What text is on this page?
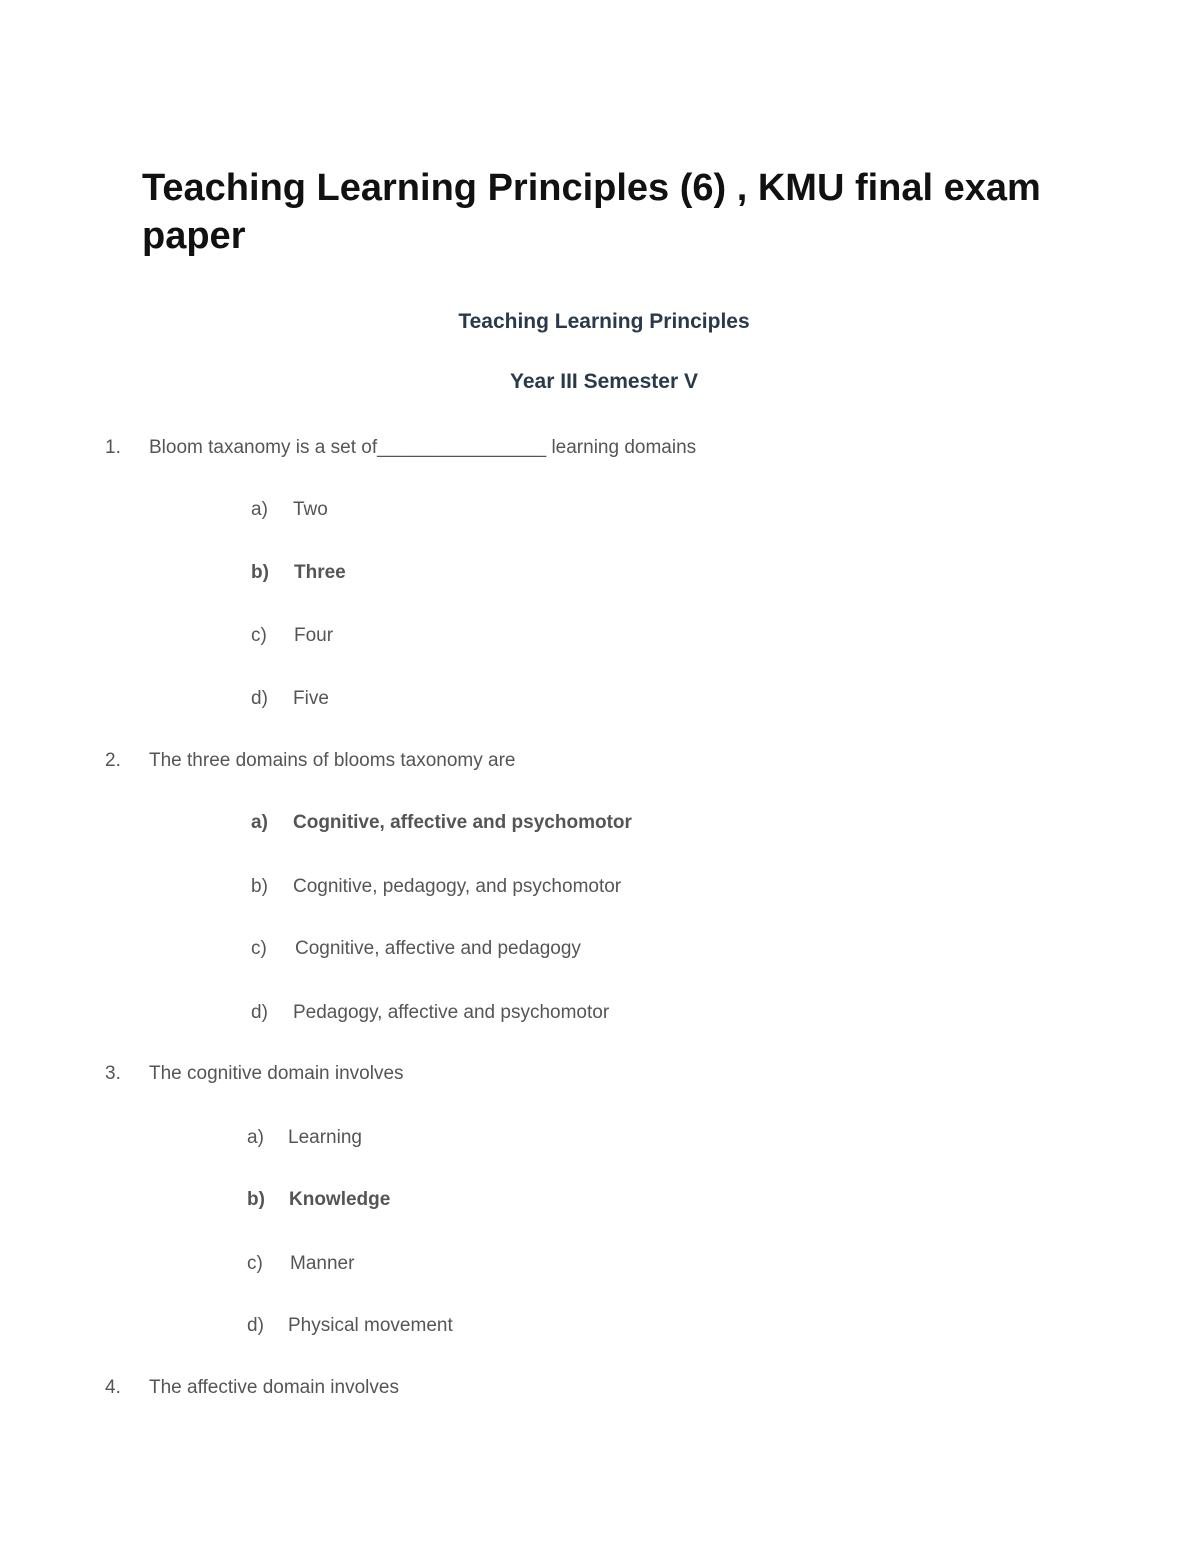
Teaching Learning Principles (6) , KMU final exam paper
Teaching Learning Principles
Year III Semester V
1. Bloom taxanomy is a set of________________ learning domains
a) Two
b) Three
c) Four
d) Five
2. The three domains of blooms taxonomy are
a) Cognitive, affective and psychomotor
b) Cognitive, pedagogy, and psychomotor
c) Cognitive, affective and pedagogy
d) Pedagogy, affective and psychomotor
3. The cognitive domain involves
a) Learning
b) Knowledge
c) Manner
d) Physical movement
4. The affective domain involves
